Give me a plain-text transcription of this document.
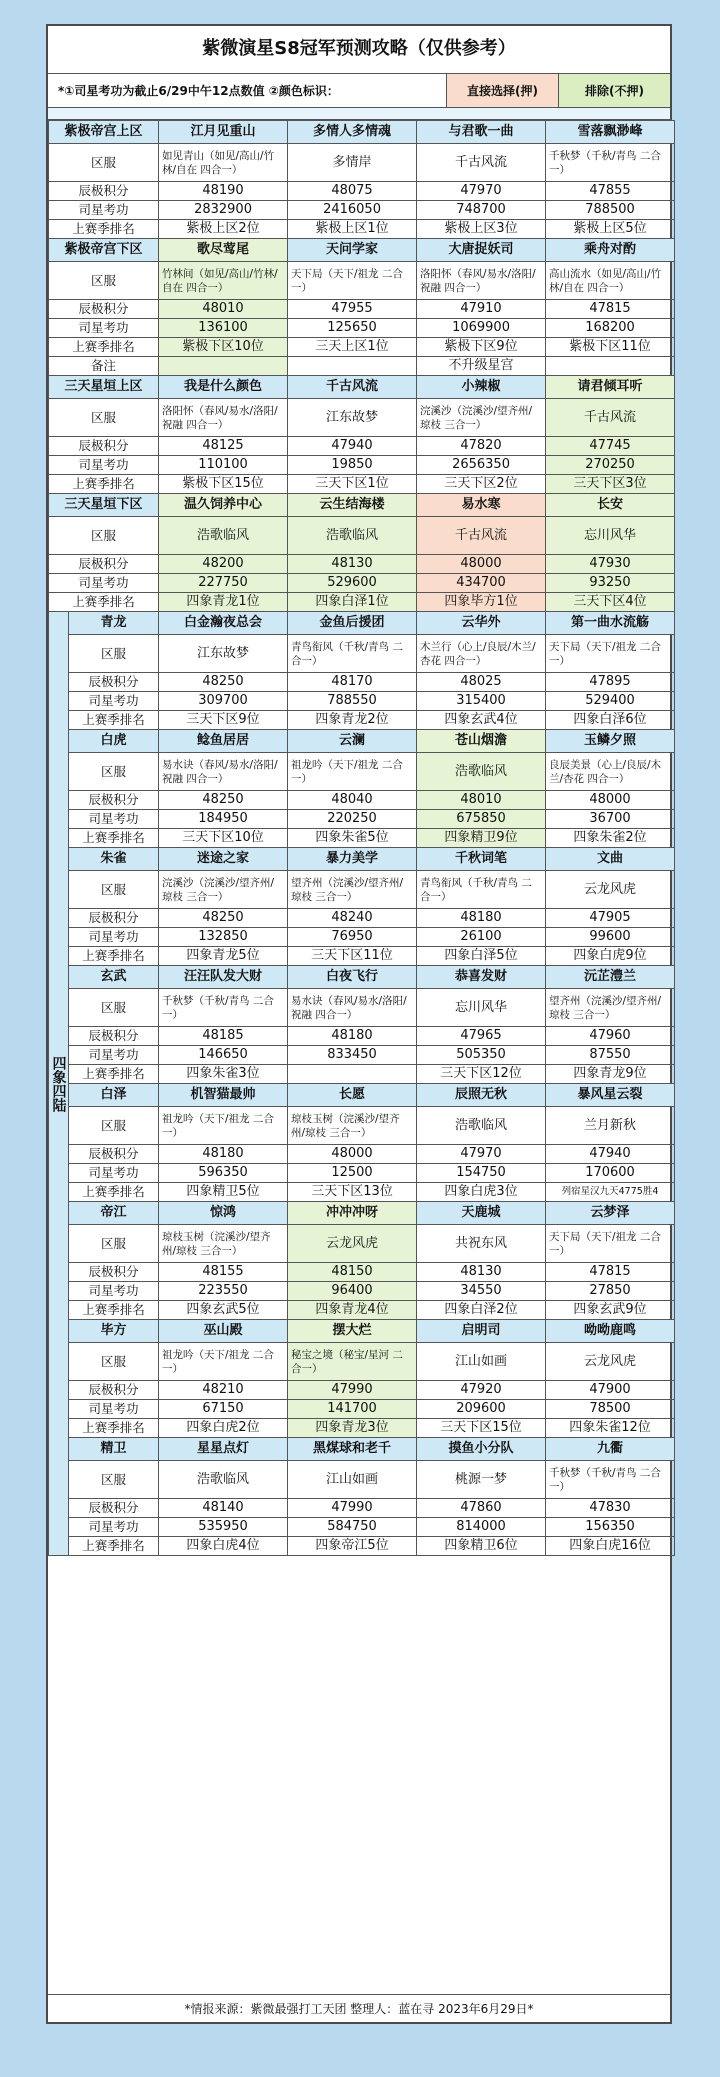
紫微演星S8冠军预测攻略（仅供参考）
*①司星考功为截止6/29中午12点数值 ②颜色标识：	直接选择(押)	排除(不押)
紫极帝宫上区		江月见重山	多情人多情魂	与君歌一曲	雪落飘渺峰
区服		如见青山（如见/高山/竹林/自在 四合一）	多情岸	千古风流	千秋梦（千秋/青鸟 二合一）
辰极积分		48190	48075	47970	47855
司星考功		2832900	2416050	748700	788500
上赛季排名		紫极上区2位	紫极上区1位	紫极上区3位	紫极上区5位
紫极帝宫下区		歌尽莺尾	天问学家	大唐捉妖司	乘舟对酌
区服		竹林间（如见/高山/竹林/自在 四合一）	天下局（天下/祖龙 二合一）	洛阳怀（春风/易水/洛阳/祝融 四合一）	高山流水（如见/高山/竹林/自在 四合一）
辰极积分		48010	47955	47910	47815
司星考功		136100	125650	1069900	168200
上赛季排名		紫极下区10位	三天上区1位	紫极下区9位	紫极下区11位
备注				不升级星宫	
三天星垣上区		我是什么颜色	千古风流	小辣椒	请君倾耳听
区服		洛阳怀（春风/易水/洛阳/祝融 四合一）	江东故梦	浣溪沙（浣溪沙/望齐州/琼枝 三合一）	千古风流
辰极积分		48125	47940	47820	47745
司星考功		110100	19850	2656350	270250
上赛季排名		紫极下区15位	三天下区1位	三天下区2位	三天下区3位
三天星垣下区		温久饲养中心	云生结海楼	易水寒	长安
区服		浩歌临风	浩歌临风	千古风流	忘川风华
辰极积分		48200	48130	48000	47930
司星考功		227750	529600	434700	93250
上赛季排名		四象青龙1位	四象白泽1位	四象毕方1位	三天下区4位
四象四陆	青龙	白金瀚夜总会	金鱼后援团	云华外	第一曲水流觞
	区服	江东故梦	青鸟衔风（千秋/青鸟 二合一）	木兰行（心上/良辰/木兰/杏花 四合一）	天下局（天下/祖龙 二合一）
	辰极积分	48250	48170	48025	47895
	司星考功	309700	788550	315400	529400
	上赛季排名	三天下区9位	四象青龙2位	四象玄武4位	四象白泽6位
	白虎	鲶鱼居居	云澜	苍山烟澹	玉鳞夕照
	区服	易水诀（春风/易水/洛阳/祝融 四合一）	祖龙吟（天下/祖龙 二合一）	浩歌临风	良辰美景（心上/良辰/木兰/杏花 四合一）
	辰极积分	48250	48040	48010	48000
	司星考功	184950	220250	675850	36700
	上赛季排名	三天下区10位	四象朱雀5位	四象精卫9位	四象朱雀2位
	朱雀	迷途之家	暴力美学	千秋词笔	文曲
	区服	浣溪沙（浣溪沙/望齐州/琼枝 三合一）	望齐州（浣溪沙/望齐州/琼枝 三合一）	青鸟衔风（千秋/青鸟 二合一）	云龙风虎
	辰极积分	48250	48240	48180	47905
	司星考功	132850	76950	26100	99600
	上赛季排名	四象青龙5位	三天下区11位	四象白泽5位	四象白虎9位
	玄武	汪汪队发大财	白夜飞行	恭喜发财	沅芷澧兰
	区服	千秋梦（千秋/青鸟 二合一）	易水诀（春风/易水/洛阳/祝融 四合一）	忘川风华	望齐州（浣溪沙/望齐州/琼枝 三合一）
	辰极积分	48185	48180	47965	47960
	司星考功	146650	833450	505350	87550
	上赛季排名	四象朱雀3位		三天下区12位	四象青龙9位
	白泽	机智猫最帅	长愿	辰照无秋	暴风星云裂
	区服	祖龙吟（天下/祖龙 二合一）	琼枝玉树（浣溪沙/望齐州/琼枝 三合一）	浩歌临风	兰月新秋
	辰极积分	48180	48000	47970	47940
	司星考功	596350	12500	154750	170600
	上赛季排名	四象精卫5位	三天下区13位	四象白虎3位	列宿星汉九天4775胜4
	帝江	惊鸿	冲冲冲呀	天鹿城	云梦泽
	区服	琼枝玉树（浣溪沙/望齐州/琼枝 三合一）	云龙风虎	共祝东风	天下局（天下/祖龙 二合一）
	辰极积分	48155	48150	48130	47815
	司星考功	223550	96400	34550	27850
	上赛季排名	四象玄武5位	四象青龙4位	四象白泽2位	四象玄武9位
	毕方	巫山殿	摆大烂	启明司	呦呦鹿鸣
	区服	祖龙吟（天下/祖龙 二合一）	秘宝之境（秘宝/星河 二合一）	江山如画	云龙风虎
	辰极积分	48210	47990	47920	47900
	司星考功	67150	141700	209600	78500
	上赛季排名	四象白虎2位	四象青龙3位	三天下区15位	四象朱雀12位
	精卫	星星点灯	黑煤球和老千	摸鱼小分队	九衢
	区服	浩歌临风	江山如画	桃源一梦	千秋梦（千秋/青鸟 二合一）
	辰极积分	48140	47990	47860	47830
	司星考功	535950	584750	814000	156350
	上赛季排名	四象白虎4位	四象帝江5位	四象精卫6位	四象白虎16位
*情报来源：紫微最强打工天团 整理人：蓝在寻 2023年6月29日*
